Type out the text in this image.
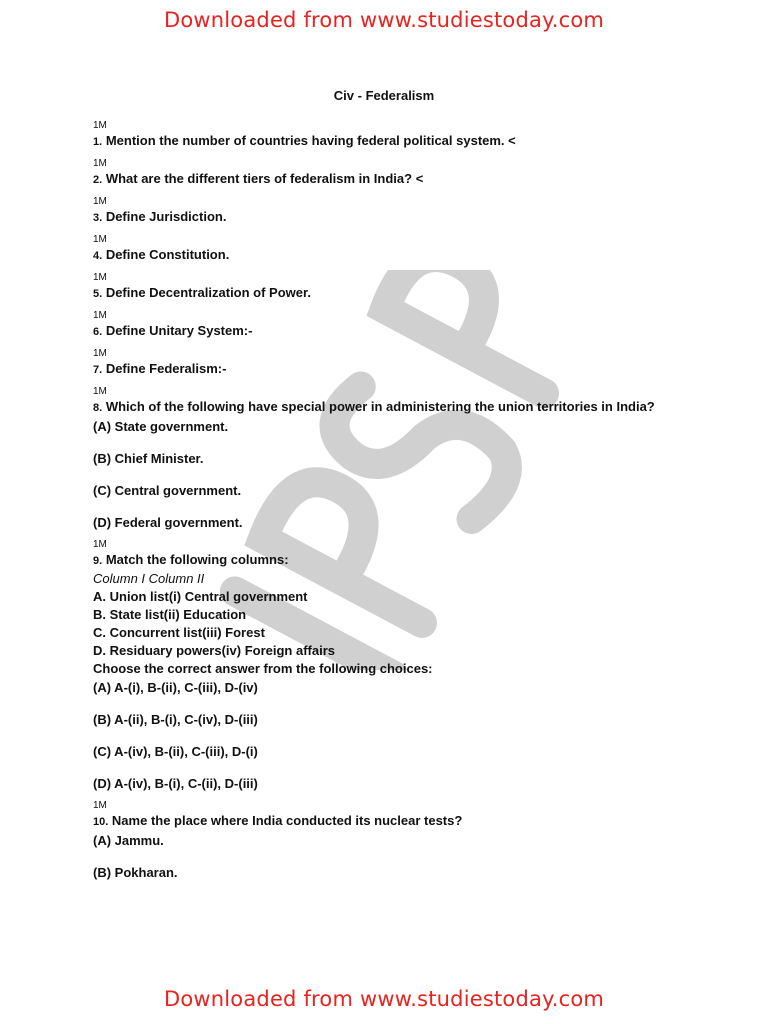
Downloaded from www.studiestoday.com
Civ - Federalism
1M
1. Mention the number of countries having federal political system. <
1M
2. What are the different tiers of federalism in India? <
1M
3. Define Jurisdiction.
1M
4. Define Constitution.
1M
5. Define Decentralization of Power.
1M
6. Define Unitary System:-
1M
7. Define Federalism:-
1M
8. Which of the following have special power in administering the union territories in India?
(A) State government.
(B) Chief Minister.
(C) Central government.
(D) Federal government.
1M
9. Match the following columns:
Column I Column II
A. Union list(i) Central government
B. State list(ii) Education
C. Concurrent list(iii) Forest
D. Residuary powers(iv) Foreign affairs
Choose the correct answer from the following choices:
(A) A-(i), B-(ii), C-(iii), D-(iv)
(B) A-(ii), B-(i), C-(iv), D-(iii)
(C) A-(iv), B-(ii), C-(iii), D-(i)
(D) A-(iv), B-(i), C-(ii), D-(iii)
1M
10. Name the place where India conducted its nuclear tests?
(A) Jammu.
(B) Pokharan.
Downloaded from www.studiestoday.com
